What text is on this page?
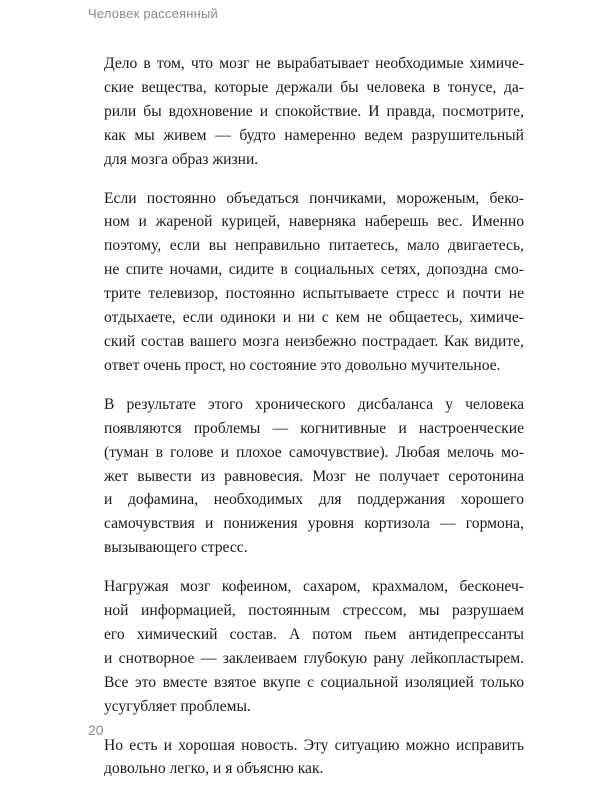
Человек рассеянный

Дело в том, что мозг не вырабатывает необходимые химиче-
ские вещества, которые держали бы человека в тонусе, да-
рили бы вдохновение и спокойствие. И правда, посмотрите,
как мы живем — будто намеренно ведем разрушительный
для мозга образ жизни.

Если постоянно объедаться пончиками, мороженым, беко-
ном и жареной курицей, наверняка наберешь вес. Именно
поэтому, если вы неправильно питаетесь, мало двигаетесь,
не спите ночами, сидите в социальных сетях, допоздна смо-
трите телевизор, постоянно испытываете стресс и почти не
отдыхаете, если одиноки и ни с кем не общаетесь, химиче-
ский состав вашего мозга неизбежно пострадает. Как видите,
ответ очень прост, но состояние это довольно мучительное.

В результате этого хронического дисбаланса у человека
появляются проблемы — когнитивные и настроенческие
(туман в голове и плохое самочувствие). Любая мелочь мо-
жет вывести из равновесия. Мозг не получает серотонина
и дофамина, необходимых для поддержания хорошего
самочувствия и понижения уровня кортизола — гормона,
вызывающего стресс.

Нагружая мозг кофеином, сахаром, крахмалом, бесконеч-
ной информацией, постоянным стрессом, мы разрушаем
его химический состав. А потом пьем антидепрессанты
и снотворное — заклеиваем глубокую рану лейкопластырем.
Все это вместе взятое вкупе с социальной изоляцией только
усугубляет проблемы.

Но есть и хорошая новость. Эту ситуацию можно исправить
довольно легко, и я объясню как.

20
